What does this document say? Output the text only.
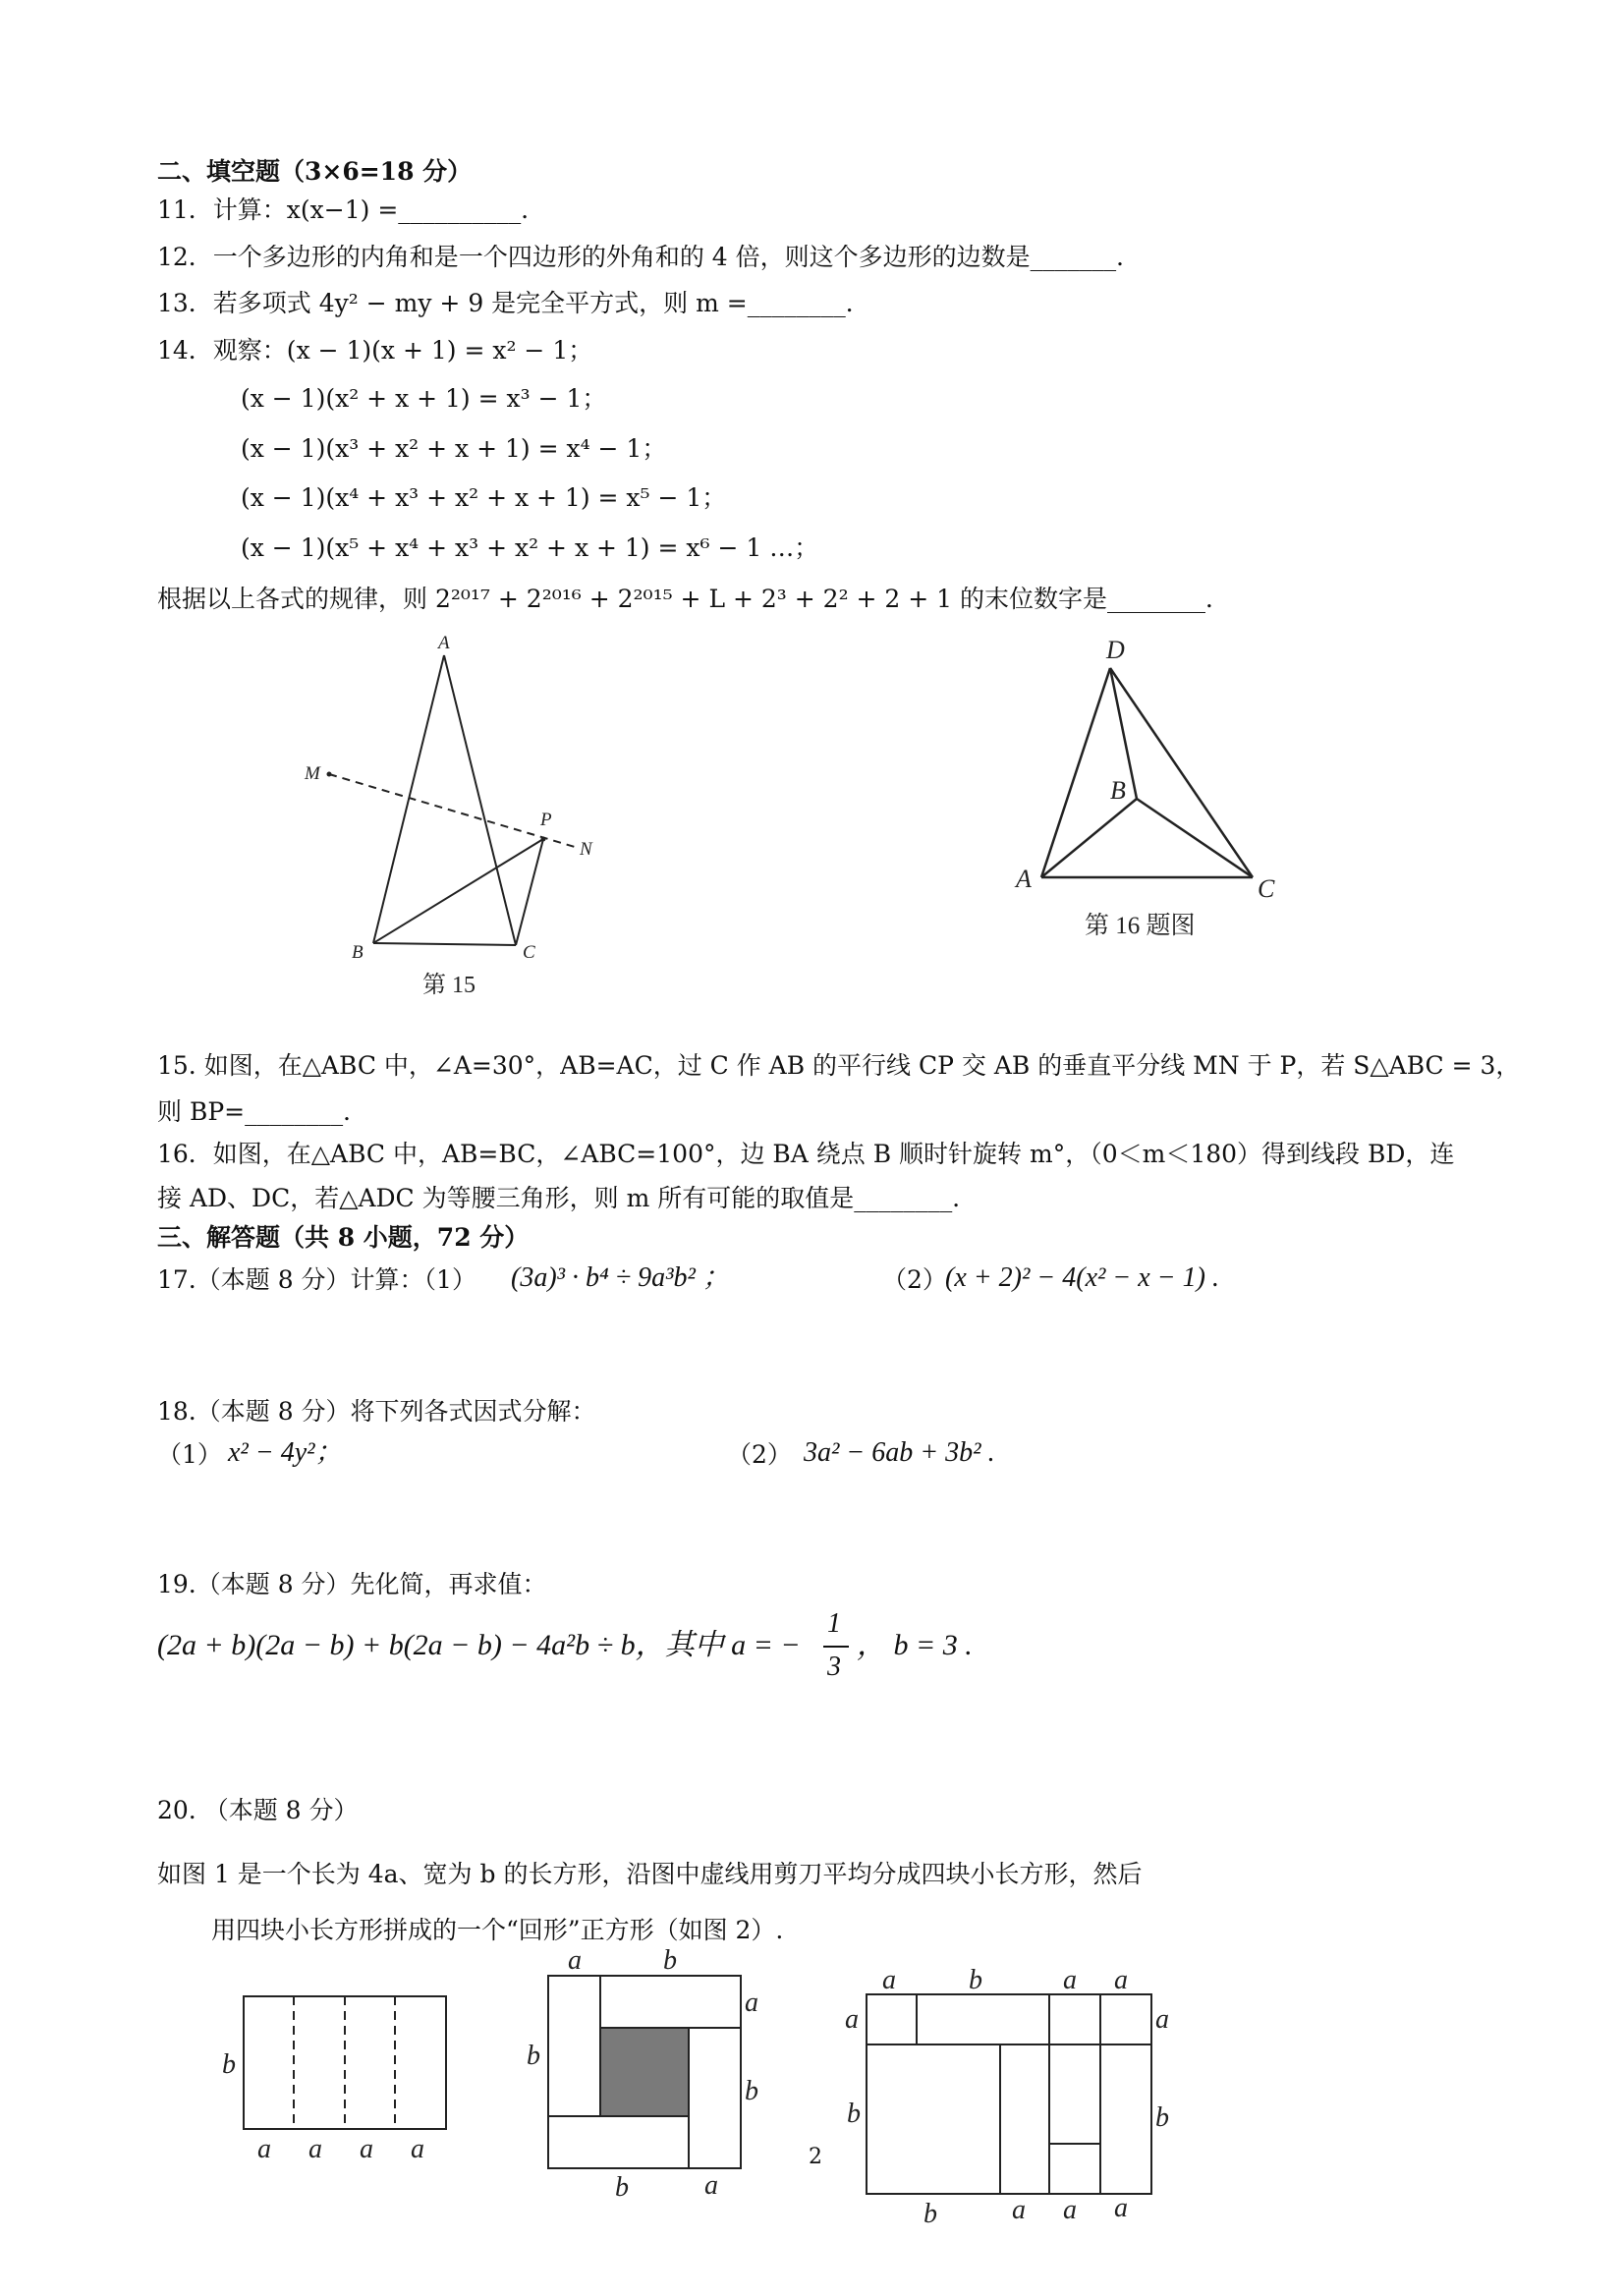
二、填空题（3×6=18 分）
11．计算：x(x−1) =__________．
12．一个多边形的内角和是一个四边形的外角和的 4 倍，则这个多边形的边数是_______．
13．若多项式 4y² − my + 9 是完全平方式，则 m =________．
14．观察：(x − 1)(x + 1) = x² − 1；
(x − 1)(x² + x + 1) = x³ − 1；
(x − 1)(x³ + x² + x + 1) = x⁴ − 1；
(x − 1)(x⁴ + x³ + x² + x + 1) = x⁵ − 1；
(x − 1)(x⁵ + x⁴ + x³ + x² + x + 1) = x⁶ − 1 …；
根据以上各式的规律，则 2²⁰¹⁷ + 2²⁰¹⁶ + 2²⁰¹⁵ + L + 2³ + 2² + 2 + 1 的末位数字是________．
A
M
P
N
B	C
第 15
D
B
A	C
第 16 题图
15. 如图，在△ABC 中，∠A=30°，AB=AC，过 C 作 AB 的平行线 CP 交 AB 的垂直平分线 MN 于 P，若 S△ABC = 3，
则 BP=________．
16．如图，在△ABC 中，AB=BC，∠ABC=100°，边 BA 绕点 B 顺时针旋转 m°，（0＜m＜180）得到线段 BD，连
接 AD、DC，若△ADC 为等腰三角形，则 m 所有可能的取值是________．
三、解答题（共 8 小题，72 分）
17.（本题 8 分）计算：（1） (3a)³ · b⁴ ÷ 9a³b² ；	（2）
(x + 2)² − 4(x² − x − 1) .
18.（本题 8 分）将下列各式因式分解：
（1） x² − 4y²；	（2） 3a² − 6ab + 3b² .
19.（本题 8 分）先化简，再求值：
(2a + b)(2a − b) + b(2a − b) − 4a²b ÷ b，其中 a = −
1
3
， b = 3 .
20. （本题 8 分）
如图 1 是一个长为 4a、宽为 b 的长方形，沿图中虚线用剪刀平均分成四块小长方形，然后
用四块小长方形拼成的一个“回形”正方形（如图 2）.
b
a a a a
a	b
a
b
b
b	a
a	b	a a
a	a
b	b
b	a a a
2
